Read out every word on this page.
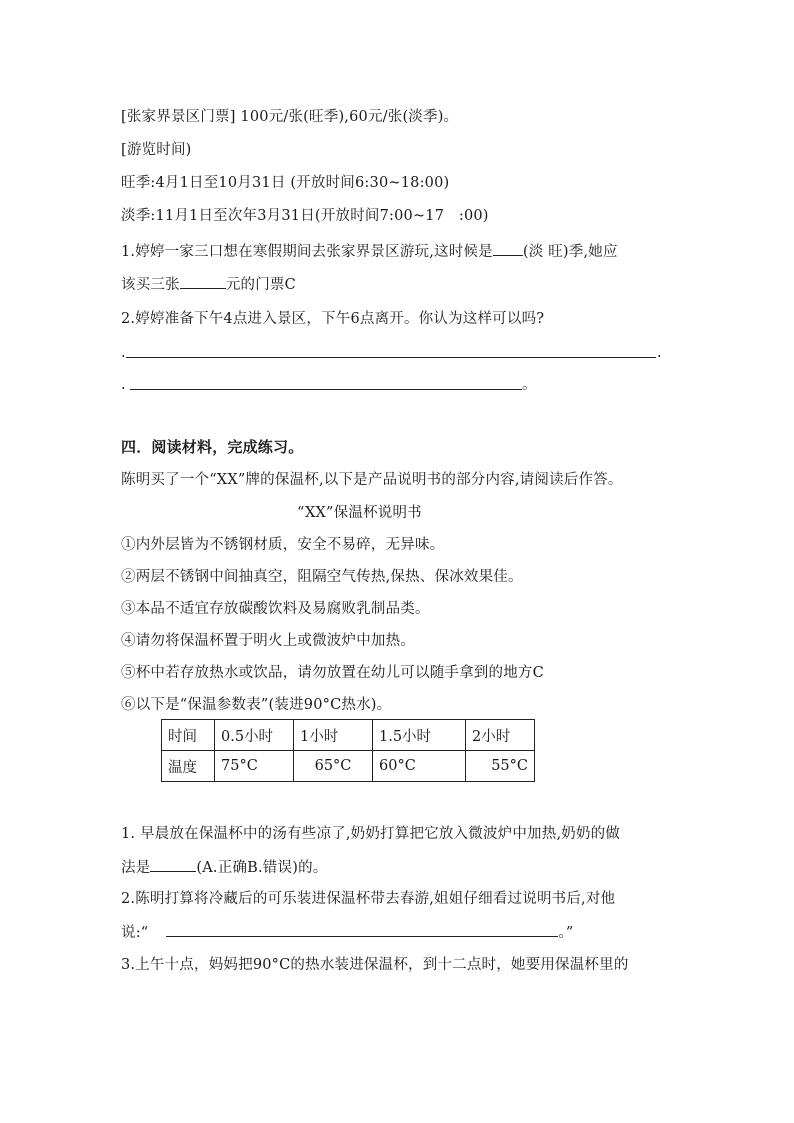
[张家界景区门票] 100元/张(旺季),60元/张(淡季)。
[游览时间)
旺季:4月1日至10月31日 (开放时间6:30~18:00)
淡季:11月1日至次年3月31日(开放时间7:00~17　:00)
1.婷婷一家三口想在寒假期间去张家界景区游玩,这时候是 (淡 旺)季,她应
该买三张	元的门票C
2.婷婷准备下午4点进入景区，下午6点离开。你认为这样可以吗?
.	.
.	。
四．阅读材料，完成练习。
陈明买了一个“XX”牌的保温杯,以下是产品说明书的部分内容,请阅读后作答。
“XX”保温杯说明书
①内外层皆为不锈钢材质，安全不易碎，无异味。
②两层不锈钢中间抽真空，阻隔空气传热,保热、保冰效果佳。
③本品不适宜存放碳酸饮料及易腐败乳制品类。
④请勿将保温杯置于明火上或微波炉中加热。
⑤杯中若存放热水或饮品，请勿放置在幼儿可以随手拿到的地方C
⑥以下是“保温参数表”(装进90°C热水)。
时间	0.5小时	1小时	1.5小时	2小时
温度	75°C	65°C	60°C	55°C
1. 早晨放在保温杯中的汤有些凉了,奶奶打算把它放入微波炉中加热,奶奶的做
法是	(A.正确B.错误)的。
2.陈明打算将冷藏后的可乐装进保温杯带去春游,姐姐仔细看过说明书后,对他
说:“	。”
3.上午十点，妈妈把90°C的热水装进保温杯，到十二点时，她要用保温杯里的
